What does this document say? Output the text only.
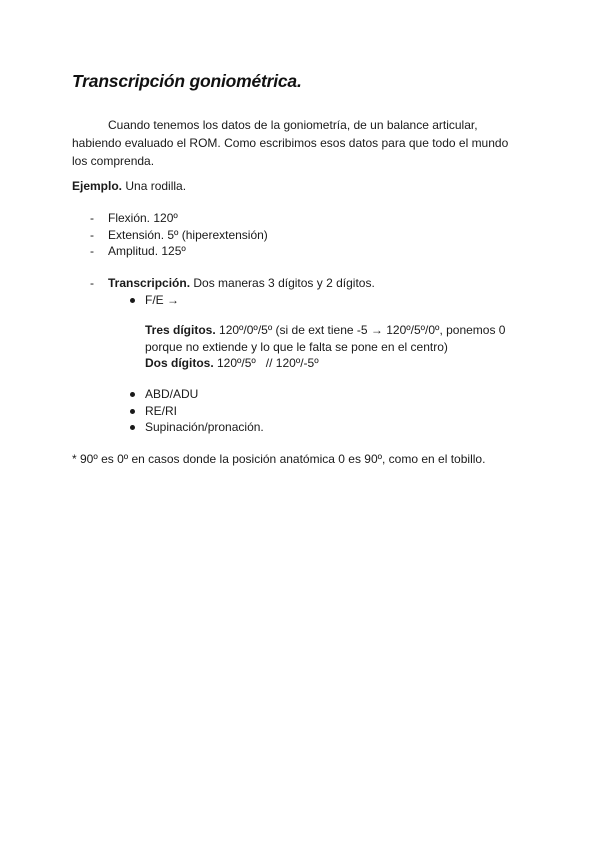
Transcripción goniométrica.
Cuando tenemos los datos de la goniometría, de un balance articular,
habiendo evaluado el ROM. Como escribimos esos datos para que todo el mundo
los comprenda.
Ejemplo. Una rodilla.
- Flexión. 120º
- Extensión. 5º (hiperextensión)
- Amplitud. 125º
- Transcripción. Dos maneras 3 dígitos y 2 dígitos.
F/E →
Tres dígitos. 120º/0º/5º (si de ext tiene -5 → 120º/5º/0º, ponemos 0
porque no extiende y lo que le falta se pone en el centro)
Dos dígitos. 120º/5º   // 120º/-5º
ABD/ADU
RE/RI
Supinación/pronación.
* 90º es 0º en casos donde la posición anatómica 0 es 90º, como en el tobillo.
